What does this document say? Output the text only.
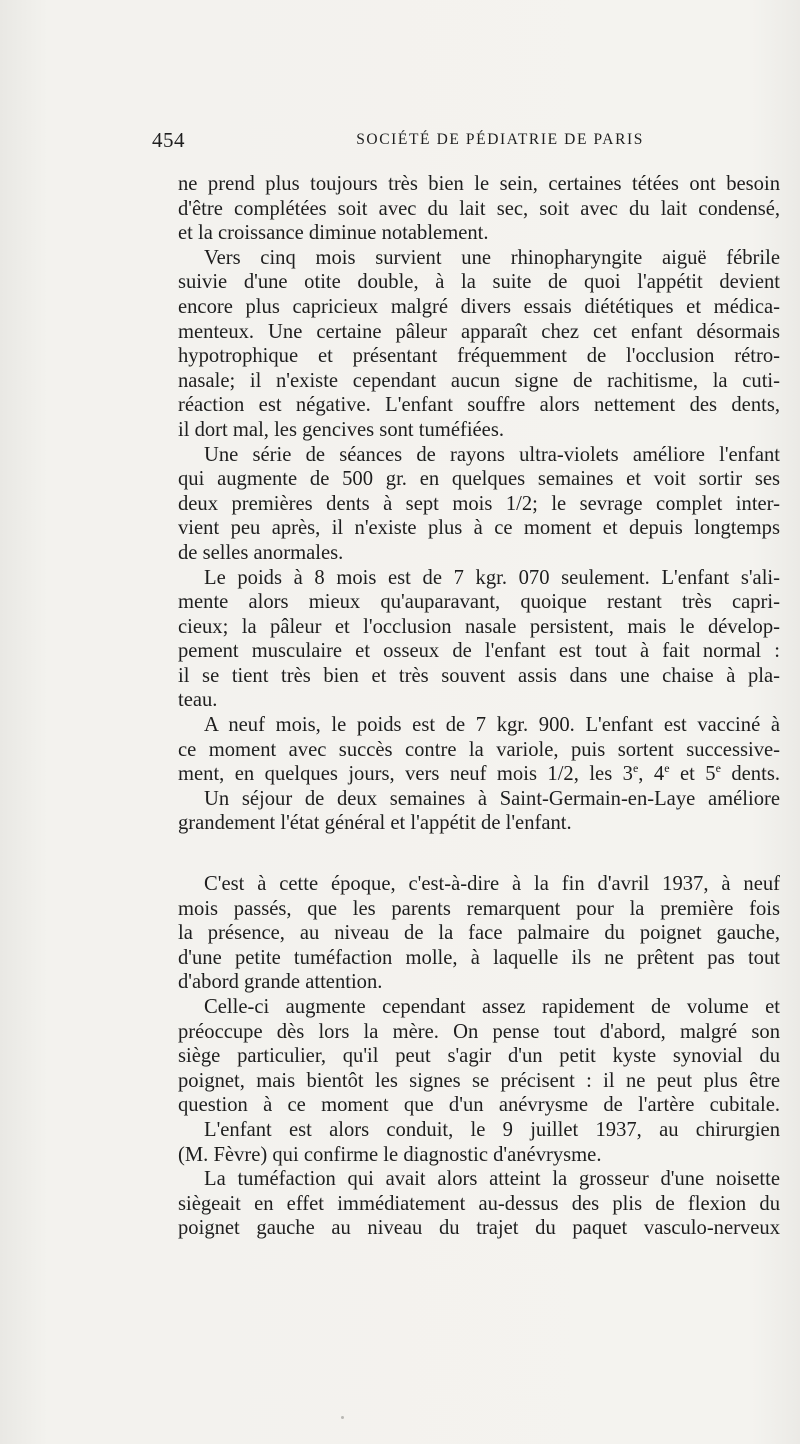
454	SOCIÉTÉ DE PÉDIATRIE DE PARIS
ne prend plus toujours très bien le sein, certaines tétées ont besoin
d'être complétées soit avec du lait sec, soit avec du lait condensé,
et la croissance diminue notablement.
Vers cinq mois survient une rhinopharyngite aiguë fébrile
suivie d'une otite double, à la suite de quoi l'appétit devient
encore plus capricieux malgré divers essais diététiques et médica-
menteux. Une certaine pâleur apparaît chez cet enfant désormais
hypotrophique et présentant fréquemment de l'occlusion rétro-
nasale; il n'existe cependant aucun signe de rachitisme, la cuti-
réaction est négative. L'enfant souffre alors nettement des dents,
il dort mal, les gencives sont tuméfiées.
Une série de séances de rayons ultra-violets améliore l'enfant
qui augmente de 500 gr. en quelques semaines et voit sortir ses
deux premières dents à sept mois 1/2; le sevrage complet inter-
vient peu après, il n'existe plus à ce moment et depuis longtemps
de selles anormales.
Le poids à 8 mois est de 7 kgr. 070 seulement. L'enfant s'ali-
mente alors mieux qu'auparavant, quoique restant très capri-
cieux; la pâleur et l'occlusion nasale persistent, mais le dévelop-
pement musculaire et osseux de l'enfant est tout à fait normal :
il se tient très bien et très souvent assis dans une chaise à pla-
teau.
A neuf mois, le poids est de 7 kgr. 900. L'enfant est vacciné à
ce moment avec succès contre la variole, puis sortent successive-
ment, en quelques jours, vers neuf mois 1/2, les 3e, 4e et 5e dents.
Un séjour de deux semaines à Saint-Germain-en-Laye améliore
grandement l'état général et l'appétit de l'enfant.
C'est à cette époque, c'est-à-dire à la fin d'avril 1937, à neuf
mois passés, que les parents remarquent pour la première fois
la présence, au niveau de la face palmaire du poignet gauche,
d'une petite tuméfaction molle, à laquelle ils ne prêtent pas tout
d'abord grande attention.
Celle-ci augmente cependant assez rapidement de volume et
préoccupe dès lors la mère. On pense tout d'abord, malgré son
siège particulier, qu'il peut s'agir d'un petit kyste synovial du
poignet, mais bientôt les signes se précisent : il ne peut plus être
question à ce moment que d'un anévrysme de l'artère cubitale.
L'enfant est alors conduit, le 9 juillet 1937, au chirurgien
(M. Fèvre) qui confirme le diagnostic d'anévrysme.
La tuméfaction qui avait alors atteint la grosseur d'une noisette
siègeait en effet immédiatement au-dessus des plis de flexion du
poignet gauche au niveau du trajet du paquet vasculo-nerveux
